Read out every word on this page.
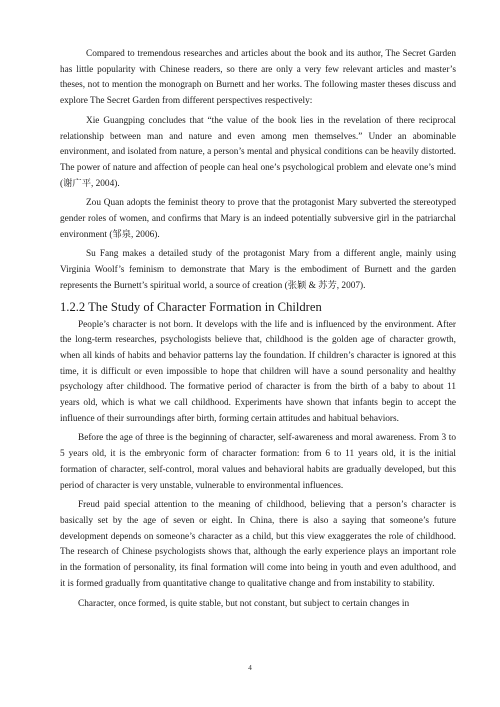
Compared to tremendous researches and articles about the book and its author, The Secret Garden has little popularity with Chinese readers, so there are only a very few relevant articles and master’s theses, not to mention the monograph on Burnett and her works. The following master theses discuss and explore The Secret Garden from different perspectives respectively:

Xie Guangping concludes that “the value of the book lies in the revelation of there reciprocal relationship between man and nature and even among men themselves.” Under an abominable environment, and isolated from nature, a person’s mental and physical conditions can be heavily distorted. The power of nature and affection of people can heal one’s psychological problem and elevate one’s mind (谢广平, 2004).

Zou Quan adopts the feminist theory to prove that the protagonist Mary subverted the stereotyped gender roles of women, and confirms that Mary is an indeed potentially subversive girl in the patriarchal environment (邹泉, 2006).

Su Fang makes a detailed study of the protagonist Mary from a different angle, mainly using Virginia Woolf’s feminism to demonstrate that Mary is the embodiment of Burnett and the garden represents the Burnett’s spiritual world, a source of creation (张颖 & 苏芳, 2007).

1.2.2 The Study of Character Formation in Children

People’s character is not born. It develops with the life and is influenced by the environment. After the long-term researches, psychologists believe that, childhood is the golden age of character growth, when all kinds of habits and behavior patterns lay the foundation. If children’s character is ignored at this time, it is difficult or even impossible to hope that children will have a sound personality and healthy psychology after childhood. The formative period of character is from the birth of a baby to about 11 years old, which is what we call childhood. Experiments have shown that infants begin to accept the influence of their surroundings after birth, forming certain attitudes and habitual behaviors.

Before the age of three is the beginning of character, self-awareness and moral awareness. From 3 to 5 years old, it is the embryonic form of character formation: from 6 to 11 years old, it is the initial formation of character, self-control, moral values and behavioral habits are gradually developed, but this period of character is very unstable, vulnerable to environmental influences.

Freud paid special attention to the meaning of childhood, believing that a person’s character is basically set by the age of seven or eight. In China, there is also a saying that someone’s future development depends on someone’s character as a child, but this view exaggerates the role of childhood. The research of Chinese psychologists shows that, although the early experience plays an important role in the formation of personality, its final formation will come into being in youth and even adulthood, and it is formed gradually from quantitative change to qualitative change and from instability to stability.

Character, once formed, is quite stable, but not constant, but subject to certain changes in

4
